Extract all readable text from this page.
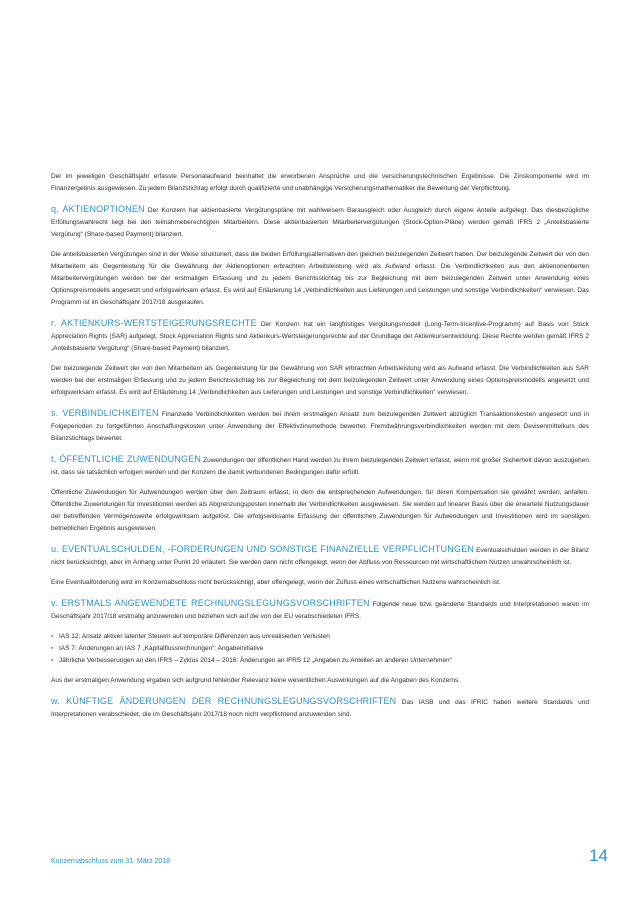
Der im jeweiligen Geschäftsjahr erfasste Personalaufwand beinhaltet die erworbenen Ansprüche und die versicherungstechnischen Ergebnisse. Die Zinskomponente wird im Finanzergebnis ausgewiesen. Zu jedem Bilanzstichtag erfolgt durch qualifizierte und unabhängige Versicherungsmathematiker die Bewertung der Verpflichtung.

q. AKTIENOPTIONEN Der Konzern hat aktienbasierte Vergütungspläne mit wahlweisem Barausgleich oder Ausgleich durch eigene Anteile aufgelegt. Das diesbezügliche Erfüllungswahlrecht liegt bei den teilnahmeberechtigten Mitarbeitern. Diese aktienbasierten Mitarbeitervergütungen (Stock-Option-Pläne) werden gemäß IFRS 2 „Anteilsbasierte Vergütung“ (Share-based Payment) bilanziert.

Die anteilsbasierten Vergütungen sind in der Weise strukturiert, dass die beiden Erfüllungsalternativen den gleichen beizulegenden Zeitwert haben. Der beizulegende Zeitwert der von den Mitarbeitern als Gegenleistung für die Gewährung der Aktienoptionen erbrachten Arbeitsleistung wird als Aufwand erfasst. Die Verbindlichkeiten aus den aktienorientierten Mitarbeitervergütungen werden bei der erstmaligen Erfassung und zu jedem Berichtsstichtag bis zur Begleichung mit dem beizulegenden Zeitwert unter Anwendung eines Optionspreismodells angesetzt und erfolgswirksam erfasst. Es wird auf Erläuterung 14 „Verbindlichkeiten aus Lieferungen und Leistungen und sonstige Verbindlichkeiten“ verwiesen. Das Programm ist im Geschäftsjahr 2017/18 ausgelaufen.

r. AKTIENKURS-WERTSTEIGERUNGSRECHTE Der Konzern hat ein langfristiges Vergütungsmodell (Long-Term-Incentive-Programm) auf Basis von Stock Appreciation Rights (SAR) aufgelegt. Stock Appreciation Rights sind Aktienkurs-Wertsteigerungsrechte auf der Grundlage der Aktienkursentwicklung. Diese Rechte werden gemäß IFRS 2 „Anteilsbasierte Vergütung“ (Share-based Payment) bilanziert.

Der beizulegende Zeitwert der von den Mitarbeitern als Gegenleistung für die Gewährung von SAR erbrachten Arbeitsleistung wird als Aufwand erfasst. Die Verbindlichkeiten aus SAR werden bei der erstmaligen Erfassung und zu jedem Berichtsstichtag bis zur Begleichung mit dem beizulegenden Zeitwert unter Anwendung eines Optionspreismodells angesetzt und erfolgswirksam erfasst. Es wird auf Erläuterung 14 „Verbindlichkeiten aus Lieferungen und Leistungen und sonstige Verbindlichkeiten“ verwiesen.

s. VERBINDLICHKEITEN Finanzielle Verbindlichkeiten werden bei ihrem erstmaligen Ansatz zum beizulegenden Zeitwert abzüglich Transaktionskosten angesetzt und in Folgeperioden zu fortgeführten Anschaffungskosten unter Anwendung der Effektivzinsmethode bewertet. Fremdwährungsverbindlichkeiten werden mit dem Devisenmittelkurs des Bilanzstichtags bewertet.

t. ÖFFENTLICHE ZUWENDUNGEN Zuwendungen der öffentlichen Hand werden zu ihrem beizulegenden Zeitwert erfasst, wenn mit großer Sicherheit davon auszugehen ist, dass sie tatsächlich erfolgen werden und der Konzern die damit verbundenen Bedingungen dafür erfüllt.

Öffentliche Zuwendungen für Aufwendungen werden über den Zeitraum erfasst, in dem die entsprechenden Aufwendungen, für deren Kompensation sie gewährt werden, anfallen. Öffentliche Zuwendungen für Investitionen werden als Abgrenzungsposten innerhalb der Verbindlichkeiten ausgewiesen. Sie werden auf linearer Basis über die erwartete Nutzungsdauer der betreffenden Vermögenswerte erfolgswirksam aufgelöst. Die erfolgswirksame Erfassung der öffentlichen Zuwendungen für Aufwendungen und Investitionen wird im sonstigen betrieblichen Ergebnis ausgewiesen.

u. EVENTUALSCHULDEN, -FORDERUNGEN UND SONSTIGE FINANZIELLE VERPFLICHTUNGEN Eventualschulden werden in der Bilanz nicht berücksichtigt, aber im Anhang unter Punkt 20 erläutert. Sie werden dann nicht offengelegt, wenn der Abfluss von Ressourcen mit wirtschaftlichem Nutzen unwahrscheinlich ist.

Eine Eventualforderung wird im Konzernabschluss nicht berücksichtigt, aber offengelegt, wenn der Zufluss eines wirtschaftlichen Nutzens wahrscheinlich ist.

v. ERSTMALS ANGEWENDETE RECHNUNGSLEGUNGSVORSCHRIFTEN Folgende neue bzw. geänderte Standards und Interpretationen waren im Geschäftsjahr 2017/18 erstmalig anzuwenden und beziehen sich auf die von der EU verabschiedeten IFRS.

▪ IAS 12: Ansatz aktiver latenter Steuern auf temporäre Differenzen aus unrealisierten Verlusten
▪ IAS 7: Änderungen an IAS 7 „Kapitalflussrechnungen“: Angabeinitiative
▪ Jährliche Verbesserungen an den IFRS – Zyklus 2014 – 2016: Änderungen an IFRS 12 „Angaben zu Anteilen an anderen Unternehmen“

Aus der erstmaligen Anwendung ergaben sich aufgrund fehlender Relevanz keine wesentlichen Auswirkungen auf die Angaben des Konzerns.

w. KÜNFTIGE ÄNDERUNGEN DER RECHNUNGSLEGUNGSVORSCHRIFTEN Das IASB und das IFRIC haben weitere Standards und Interpretationen verabschiedet, die im Geschäftsjahr 2017/18 noch nicht verpflichtend anzuwenden sind.

Konzernabschluss zum 31. März 2018	14
